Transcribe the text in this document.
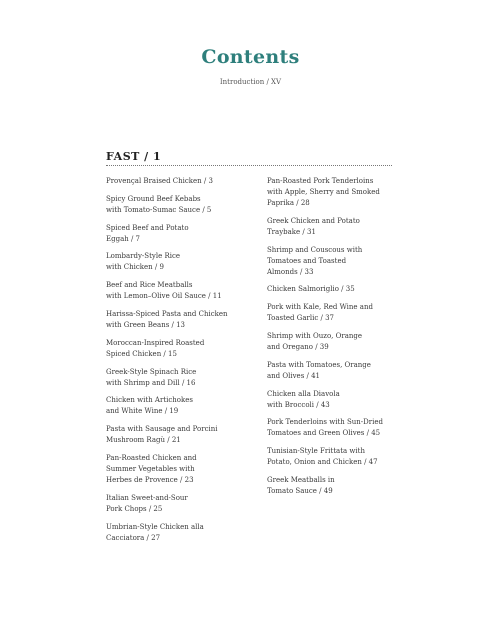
Contents
Introduction / XV
FAST / 1
Provençal Braised Chicken / 3
Spicy Ground Beef Kebabs
with Tomato-Sumac Sauce / 5
Spiced Beef and Potato
Eggah / 7
Lombardy-Style Rice
with Chicken / 9
Beef and Rice Meatballs
with Lemon–Olive Oil Sauce / 11
Harissa-Spiced Pasta and Chicken
with Green Beans / 13
Moroccan-Inspired Roasted
Spiced Chicken / 15
Greek-Style Spinach Rice
with Shrimp and Dill / 16
Chicken with Artichokes
and White Wine / 19
Pasta with Sausage and Porcini
Mushroom Ragù / 21
Pan-Roasted Chicken and
Summer Vegetables with
Herbes de Provence / 23
Italian Sweet-and-Sour
Pork Chops / 25
Umbrian-Style Chicken alla
Cacciatora / 27
Pan-Roasted Pork Tenderloins
with Apple, Sherry and Smoked
Paprika / 28
Greek Chicken and Potato
Traybake / 31
Shrimp and Couscous with
Tomatoes and Toasted
Almonds / 33
Chicken Salmoriglio / 35
Pork with Kale, Red Wine and
Toasted Garlic / 37
Shrimp with Ouzo, Orange
and Oregano / 39
Pasta with Tomatoes, Orange
and Olives / 41
Chicken alla Diavola
with Broccoli / 43
Pork Tenderloins with Sun-Dried
Tomatoes and Green Olives / 45
Tunisian-Style Frittata with
Potato, Onion and Chicken / 47
Greek Meatballs in
Tomato Sauce / 49
